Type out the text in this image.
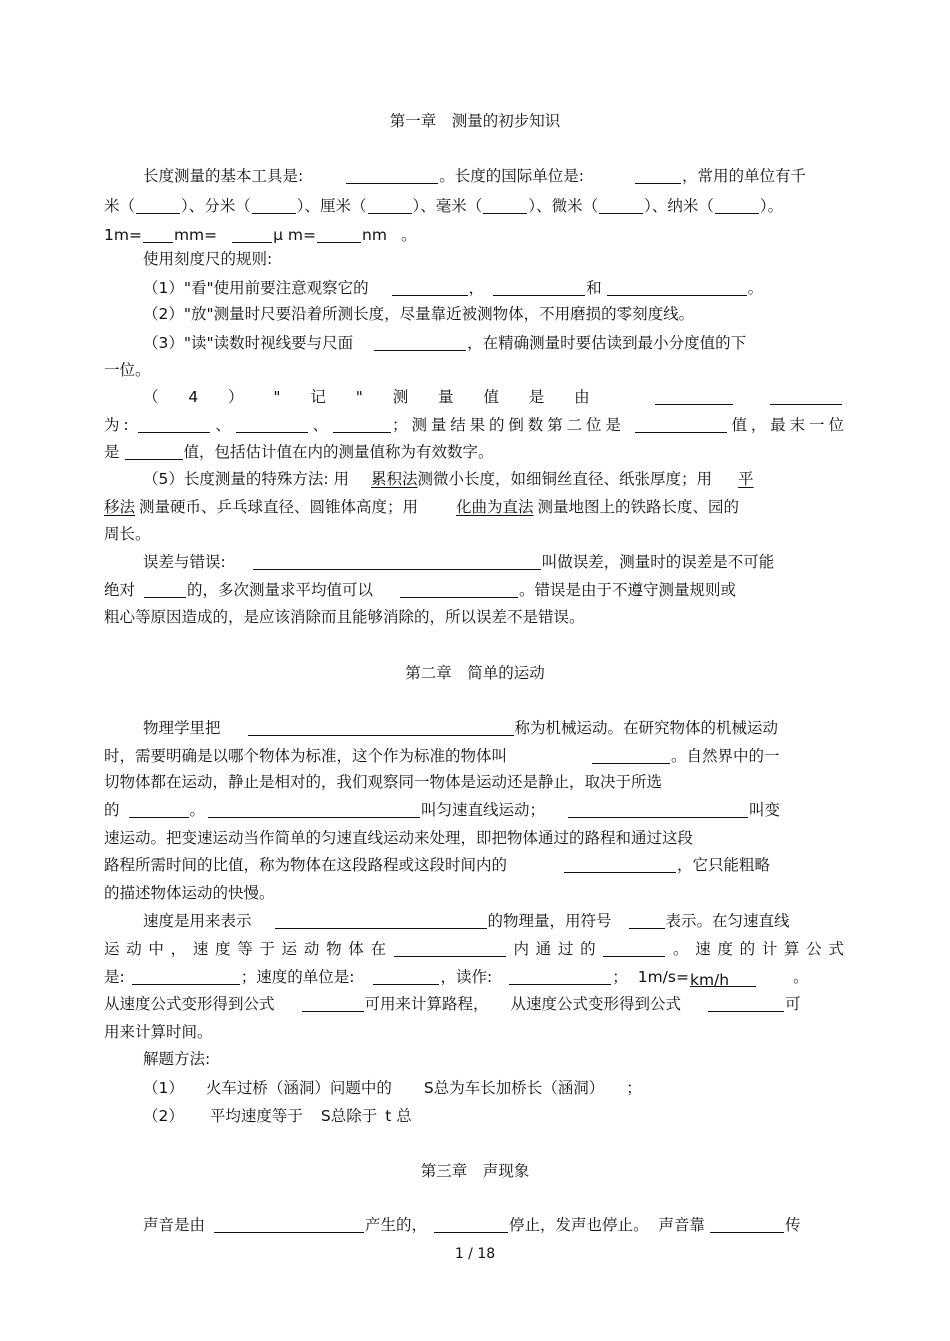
第一章　测量的初步知识
长度测量的基本工具是:	。长度的国际单位是:	，常用的单位有千
米（	）、分米（	）、厘米（	）、毫米（	）、微米（	）、纳米（	）。
1m= mm=	μ m=	nm 。
使用刻度尺的规则:
（1）"看"使用前要注意观察它的	，	和	。
（2）"放"测量时尺要沿着所测长度，尽量靠近被测物体，不用磨损的零刻度线。
（3）"读"读数时视线要与尺面	，在精确测量时要估读到最小分度值的下
一位。
（4）"记"测量值是由
为:	、	、	；测量结果的倒数第二位是	值，最末一位
是	值，包括估计值在内的测量值称为有效数字。
（5）长度测量的特殊方法: 用 累积法测微小长度，如细铜丝直径、纸张厚度；用 平
移法 测量硬币、乒乓球直径、圆锥体高度；用 化曲为直法 测量地图上的铁路长度、园的
周长。
误差与错误:	叫做误差，测量时的误差是不可能
绝对	的，多次测量求平均值可以	。错误是由于不遵守测量规则或
粗心等原因造成的，是应该消除而且能够消除的，所以误差不是错误。
第二章　简单的运动
物理学里把	称为机械运动。在研究物体的机械运动
时，需要明确是以哪个物体为标准，这个作为标准的物体叫	。自然界中的一
切物体都在运动，静止是相对的，我们观察同一物体是运动还是静止，取决于所选
的	。	叫匀速直线运动；	叫变
速运动。把变速运动当作简单的匀速直线运动来处理，即把物体通过的路程和通过这段
路程所需时间的比值，称为物体在这段路程或这段时间内的	，它只能粗略
的描述物体运动的快慢。
速度是用来表示	的物理量，用符号	表示。在匀速直线
运动中，速度等于运动物体在	内通过的	。速度的计算公式
是:	；速度的单位是:	，读作:	； 1m/s=km/h	。
从速度公式变形得到公式	可用来计算路程， 从速度公式变形得到公式	可
用来计算时间。
解题方法:
（1） 火车过桥（涵洞）问题中的 S总为车长加桥长（涵洞） ；
（2） 平均速度等于 S总除于 t 总
第三章　声现象
声音是由	产生的，	停止，发声也停止。 声音靠	传
1 / 18
